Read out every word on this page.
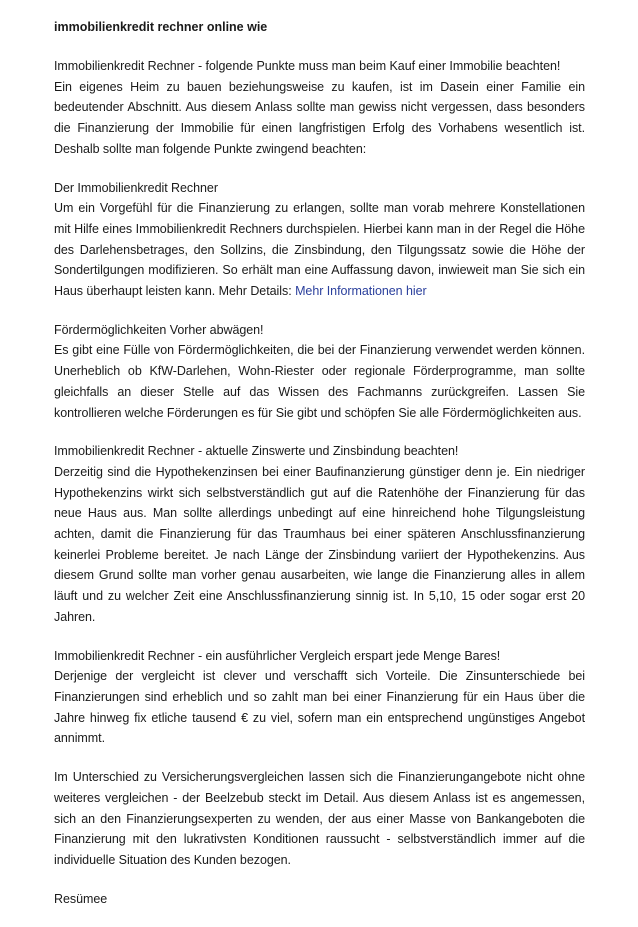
immobilienkredit rechner online wie

Immobilienkredit Rechner - folgende Punkte muss man beim Kauf einer Immobilie beachten!
Ein eigenes Heim zu bauen beziehungsweise zu kaufen, ist im Dasein einer Familie ein bedeutender Abschnitt. Aus diesem Anlass sollte man gewiss nicht vergessen, dass besonders die Finanzierung der Immobilie für einen langfristigen Erfolg des Vorhabens wesentlich ist. Deshalb sollte man folgende Punkte zwingend beachten:

Der Immobilienkredit Rechner
Um ein Vorgefühl für die Finanzierung zu erlangen, sollte man vorab mehrere Konstellationen mit Hilfe eines Immobilienkredit Rechners durchspielen. Hierbei kann man in der Regel die Höhe des Darlehensbetrages, den Sollzins, die Zinsbindung, den Tilgungssatz sowie die Höhe der Sondertilgungen modifizieren. So erhält man eine Auffassung davon, inwieweit man Sie sich ein Haus überhaupt leisten kann. Mehr Details: Mehr Informationen hier

Fördermöglichkeiten Vorher abwägen!
Es gibt eine Fülle von Fördermöglichkeiten, die bei der Finanzierung verwendet werden können. Unerheblich ob KfW-Darlehen, Wohn-Riester oder regionale Förderprogramme, man sollte gleichfalls an dieser Stelle auf das Wissen des Fachmanns zurückgreifen. Lassen Sie kontrollieren welche Förderungen es für Sie gibt und schöpfen Sie alle Fördermöglichkeiten aus.

Immobilienkredit Rechner - aktuelle Zinswerte und Zinsbindung beachten!
Derzeitig sind die Hypothekenzinsen bei einer Baufinanzierung günstiger denn je. Ein niedriger Hypothekenzins wirkt sich selbstverständlich gut auf die Ratenhöhe der Finanzierung für das neue Haus aus. Man sollte allerdings unbedingt auf eine hinreichend hohe Tilgungsleistung achten, damit die Finanzierung für das Traumhaus bei einer späteren Anschlussfinanzierung keinerlei Probleme bereitet. Je nach Länge der Zinsbindung variiert der Hypothekenzins. Aus diesem Grund sollte man vorher genau ausarbeiten, wie lange die Finanzierung alles in allem läuft und zu welcher Zeit eine Anschlussfinanzierung sinnig ist. In 5,10, 15 oder sogar erst 20 Jahren.

Immobilienkredit Rechner - ein ausführlicher Vergleich erspart jede Menge Bares!
Derjenige der vergleicht ist clever und verschafft sich Vorteile. Die Zinsunterschiede bei Finanzierungen sind erheblich und so zahlt man bei einer Finanzierung für ein Haus über die Jahre hinweg fix etliche tausend € zu viel, sofern man ein entsprechend ungünstiges Angebot annimmt.

Im Unterschied zu Versicherungsvergleichen lassen sich die Finanzierungangebote nicht ohne weiteres vergleichen - der Beelzebub steckt im Detail. Aus diesem Anlass ist es angemessen, sich an den Finanzierungsexperten zu wenden, der aus einer Masse von Bankangeboten die Finanzierung mit den lukrativsten Konditionen raussucht - selbstverständlich immer auf die individuelle Situation des Kunden bezogen.

Resümee
